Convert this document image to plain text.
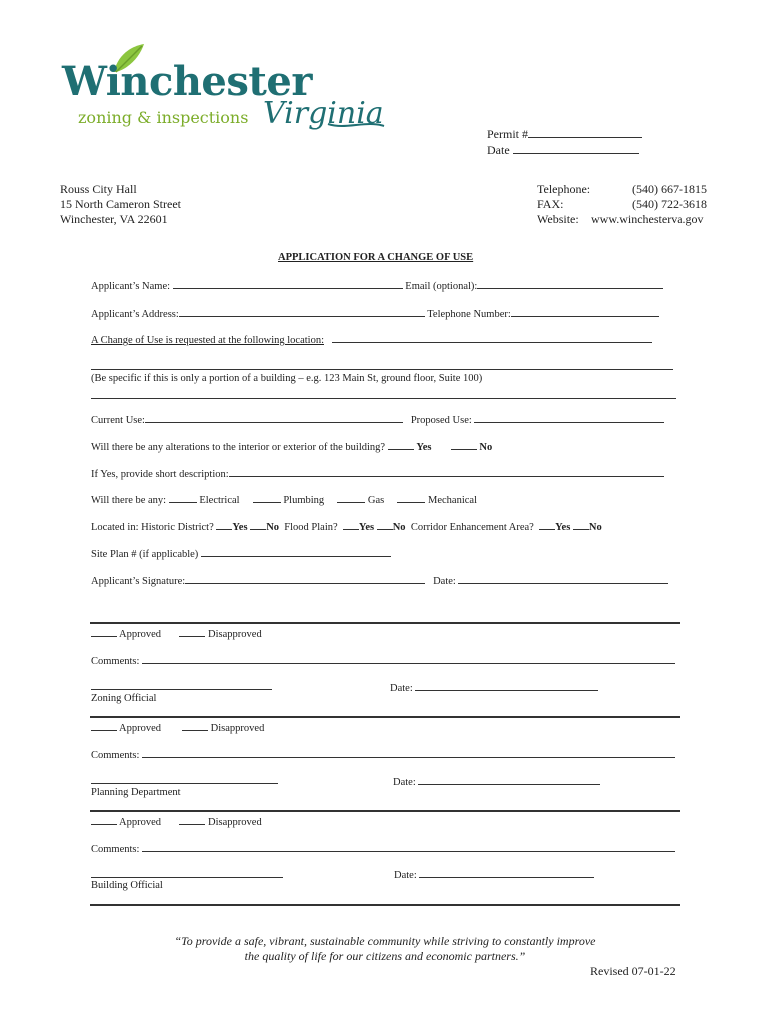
Winchester
zoning & inspections Virginia
Permit #
Date
Rouss City Hall
15 North Cameron Street
Winchester, VA 22601
Telephone:	(540) 667-1815
FAX:	(540) 722-3618
Website: www.winchesterva.gov
APPLICATION FOR A CHANGE OF USE
Applicant’s Name:	Email (optional):
Applicant’s Address:	Telephone Number:
A Change of Use is requested at the following location:
(Be specific if this is only a portion of a building – e.g. 123 Main St, ground floor, Suite 100)
Current Use:	Proposed Use:
Will there be any alterations to the interior or exterior of the building?	Yes	No
If Yes, provide short description:
Will there be any:	Electrical	Plumbing	Gas	Mechanical
Located in: Historic District? Yes No Flood Plain? Yes No Corridor Enhancement Area? Yes No
Site Plan # (if applicable)
Applicant’s Signature:	Date:
Approved	Disapproved
Comments:
Date:
Zoning Official
Approved	Disapproved
Comments:
Date:
Planning Department
Approved	Disapproved
Comments:
Date:
Building Official
“To provide a safe, vibrant, sustainable community while striving to constantly improve
the quality of life for our citizens and economic partners.”
Revised 07-01-22
